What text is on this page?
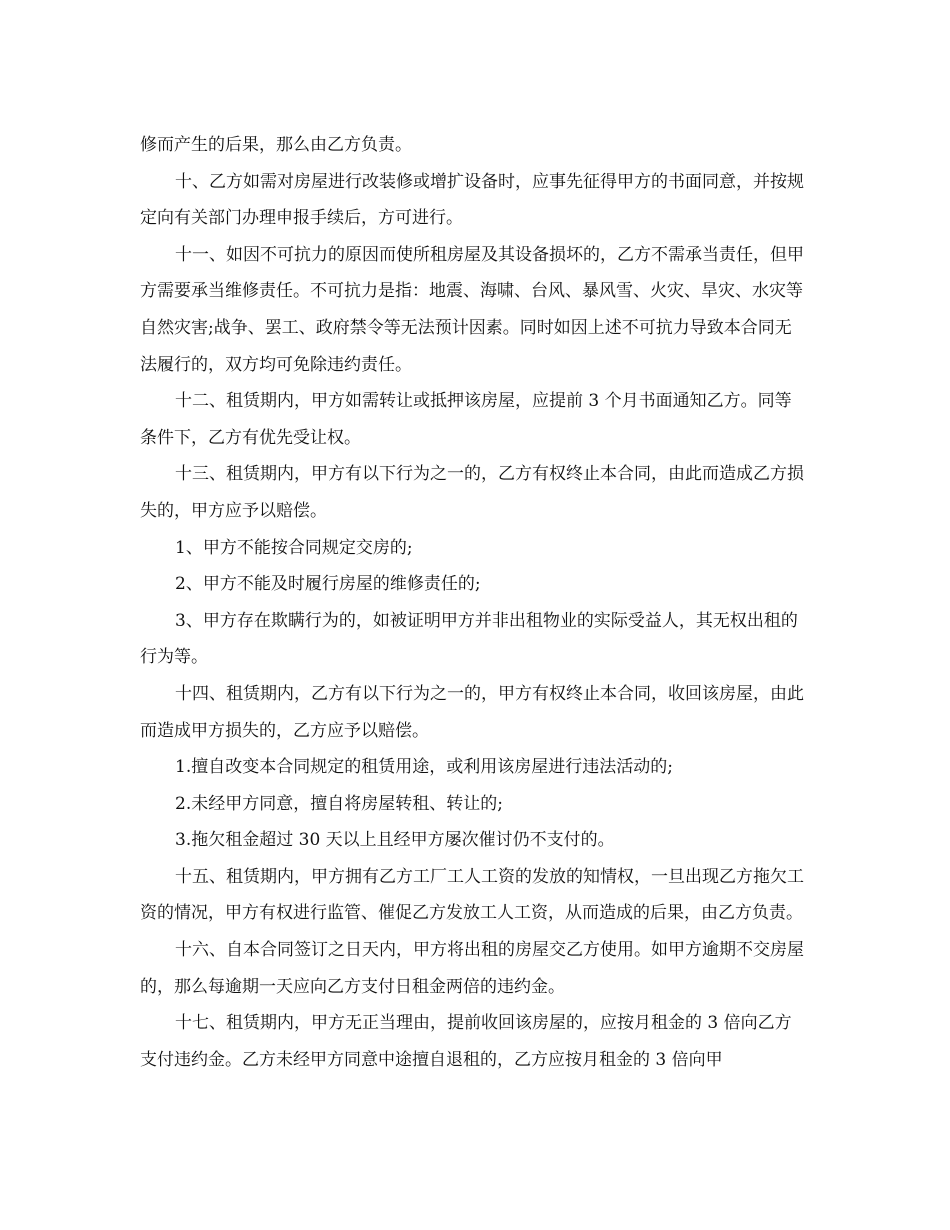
修而产生的后果，那么由乙方负责。

十、乙方如需对房屋进行改装修或增扩设备时，应事先征得甲方的书面同意，并按规定向有关部门办理申报手续后，方可进行。

十一、如因不可抗力的原因而使所租房屋及其设备损坏的，乙方不需承当责任，但甲方需要承当维修责任。不可抗力是指：地震、海啸、台风、暴风雪、火灾、旱灾、水灾等自然灾害;战争、罢工、政府禁令等无法预计因素。同时如因上述不可抗力导致本合同无法履行的，双方均可免除违约责任。

十二、租赁期内，甲方如需转让或抵押该房屋，应提前 3 个月书面通知乙方。同等条件下，乙方有优先受让权。

十三、租赁期内，甲方有以下行为之一的，乙方有权终止本合同，由此而造成乙方损失的，甲方应予以赔偿。

1、甲方不能按合同规定交房的;

2、甲方不能及时履行房屋的维修责任的;

3、甲方存在欺瞒行为的，如被证明甲方并非出租物业的实际受益人，其无权出租的行为等。

十四、租赁期内，乙方有以下行为之一的，甲方有权终止本合同，收回该房屋，由此而造成甲方损失的，乙方应予以赔偿。

1.擅自改变本合同规定的租赁用途，或利用该房屋进行违法活动的;

2.未经甲方同意，擅自将房屋转租、转让的;

3.拖欠租金超过 30 天以上且经甲方屡次催讨仍不支付的。

十五、租赁期内，甲方拥有乙方工厂工人工资的发放的知情权，一旦出现乙方拖欠工资的情况，甲方有权进行监管、催促乙方发放工人工资，从而造成的后果，由乙方负责。

十六、自本合同签订之日天内，甲方将出租的房屋交乙方使用。如甲方逾期不交房屋的，那么每逾期一天应向乙方支付日租金两倍的违约金。

十七、租赁期内，甲方无正当理由，提前收回该房屋的，应按月租金的 3 倍向乙方支付违约金。乙方未经甲方同意中途擅自退租的，乙方应按月租金的 3 倍向甲
